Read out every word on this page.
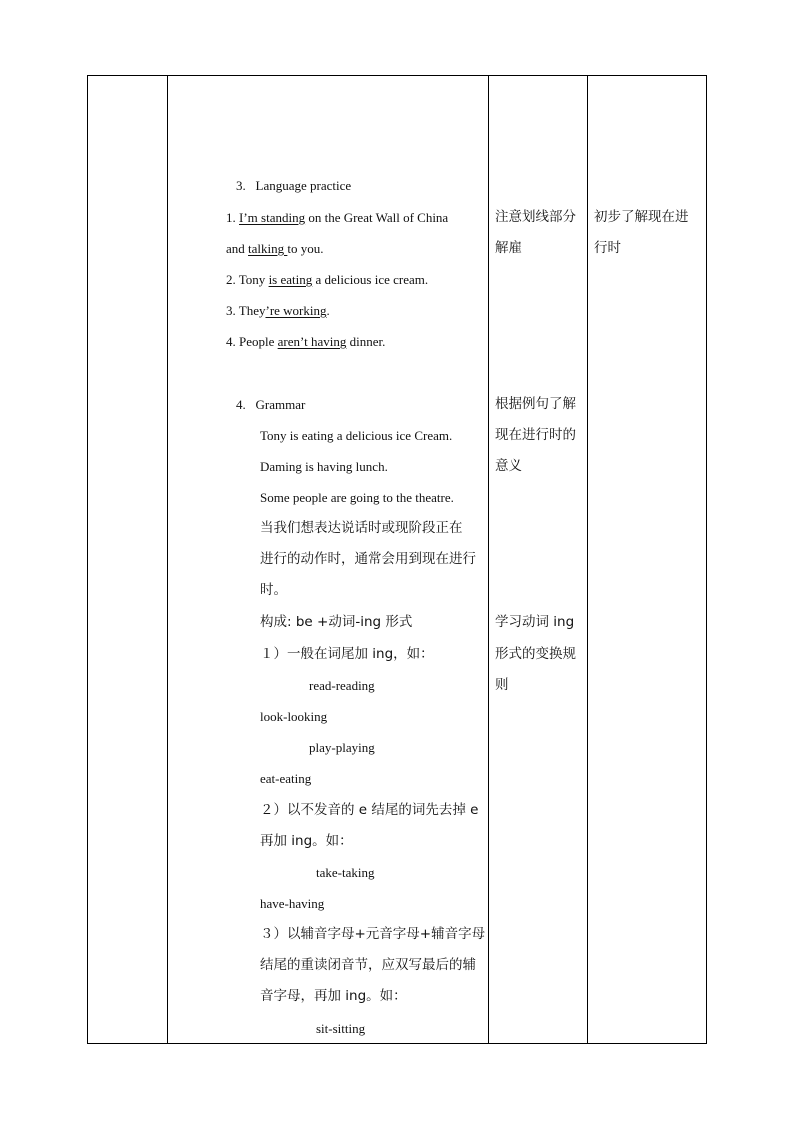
3. Language practice
1. I’m standing on the Great Wall of China
and talking to you.
2. Tony is eating a delicious ice cream.
3. They’re working.
4. People aren’t having dinner.
注意划线部分
解雇
初步了解现在进
行时
4. Grammar
Tony is eating a delicious ice Cream.
Daming is having lunch.
Some people are going to the theatre.
当我们想表达说话时或现阶段正在
进行的动作时，通常会用到现在进行
时。
构成: be +动词-ing 形式
１）一般在词尾加 ing，如：
read-reading
look-looking
play-playing
eat-eating
２）以不发音的 e 结尾的词先去掉 e
再加 ing。如：
take-taking
have-having
３）以辅音字母+元音字母+辅音字母
结尾的重读闭音节，应双写最后的辅
音字母，再加 ing。如：
sit-sitting
根据例句了解
现在进行时的
意义
学习动词 ing
形式的变换规
则
